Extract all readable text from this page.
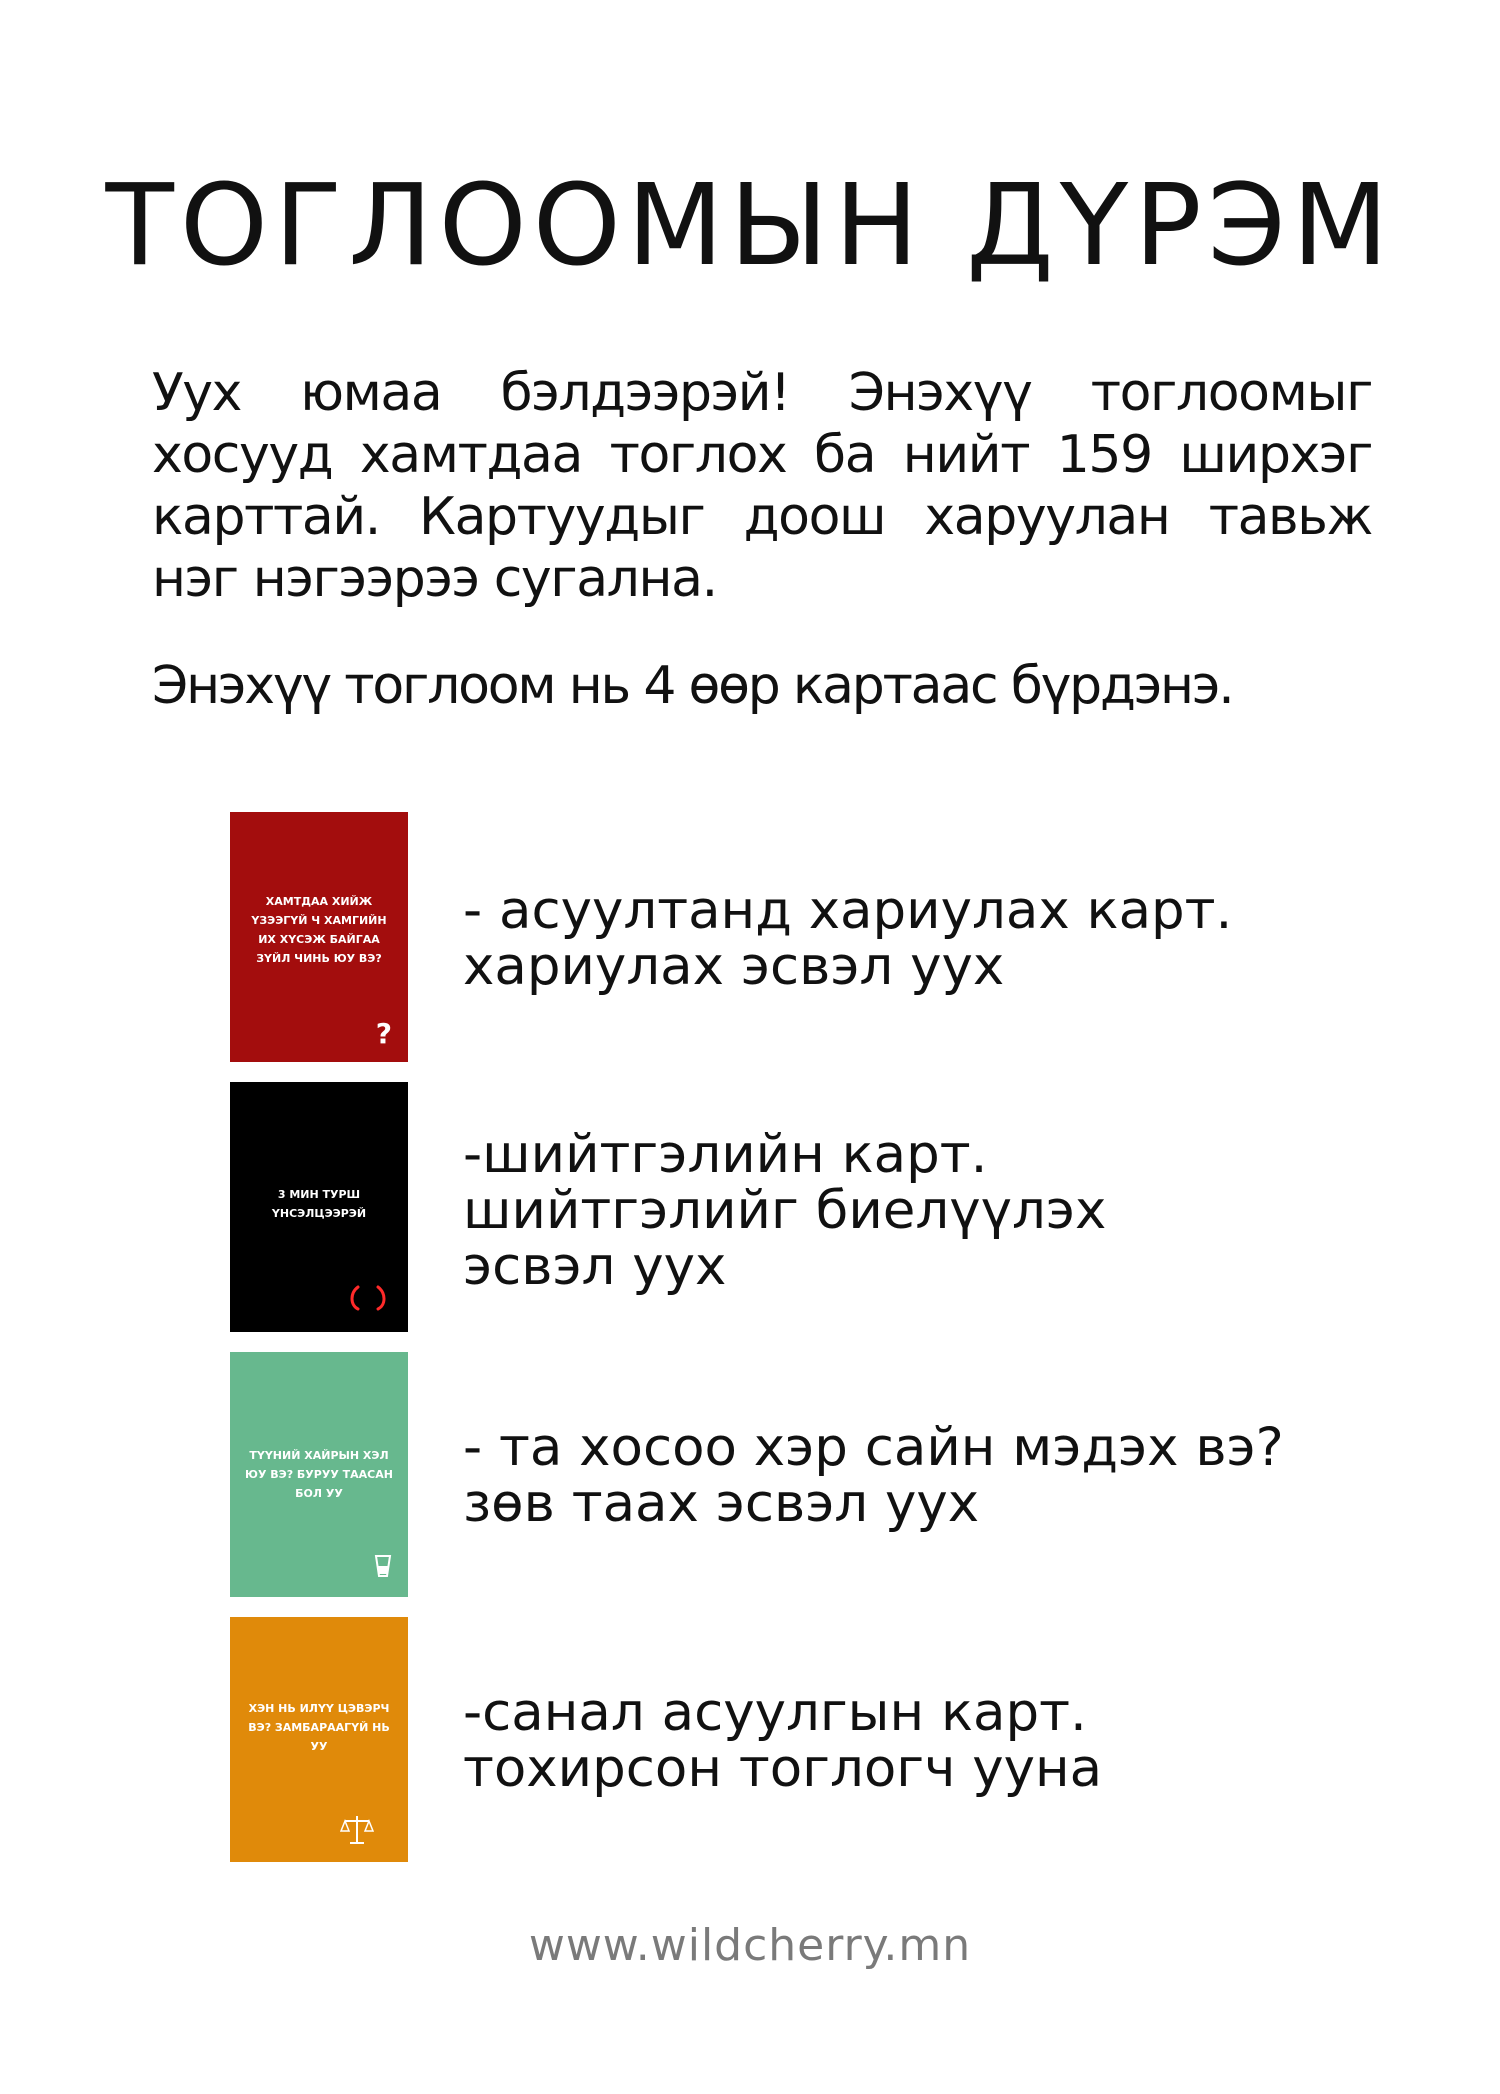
ТОГЛООМЫН ДҮРЭМ
Уух юмаа бэлдээрэй! Энэхүү тоглоомыг хосууд хамтдаа тоглох ба нийт 159 ширхэг карттай. Картуудыг доош харуулан тавьж нэг нэгээрээ сугална.
Энэхүү тоглоом нь 4 өөр картаас бүрдэнэ.
ХАМТДАА ХИЙЖ ҮЗЭЭГҮЙ Ч ХАМГИЙН ИХ ХҮСЭЖ БАЙГАА ЗҮЙЛ ЧИНЬ ЮУ ВЭ?
?
- асуултанд хариулах карт.
хариулах эсвэл уух
3 МИН ТУРШ ҮНСЭЛЦЭЭРЭЙ
-шийтгэлийн карт.
шийтгэлийг биелүүлэх
эсвэл уух
ТҮҮНИЙ ХАЙРЫН ХЭЛ ЮУ ВЭ? БУРУУ ТААСАН БОЛ УУ
- та хосоо хэр сайн мэдэх вэ?
зөв таах эсвэл уух
ХЭН НЬ ИЛҮҮ ЦЭВЭРЧ ВЭ? ЗАМБАРААГҮЙ НЬ УУ
-санал асуулгын карт.
тохирсон тоглогч ууна
www.wildcherry.mn
